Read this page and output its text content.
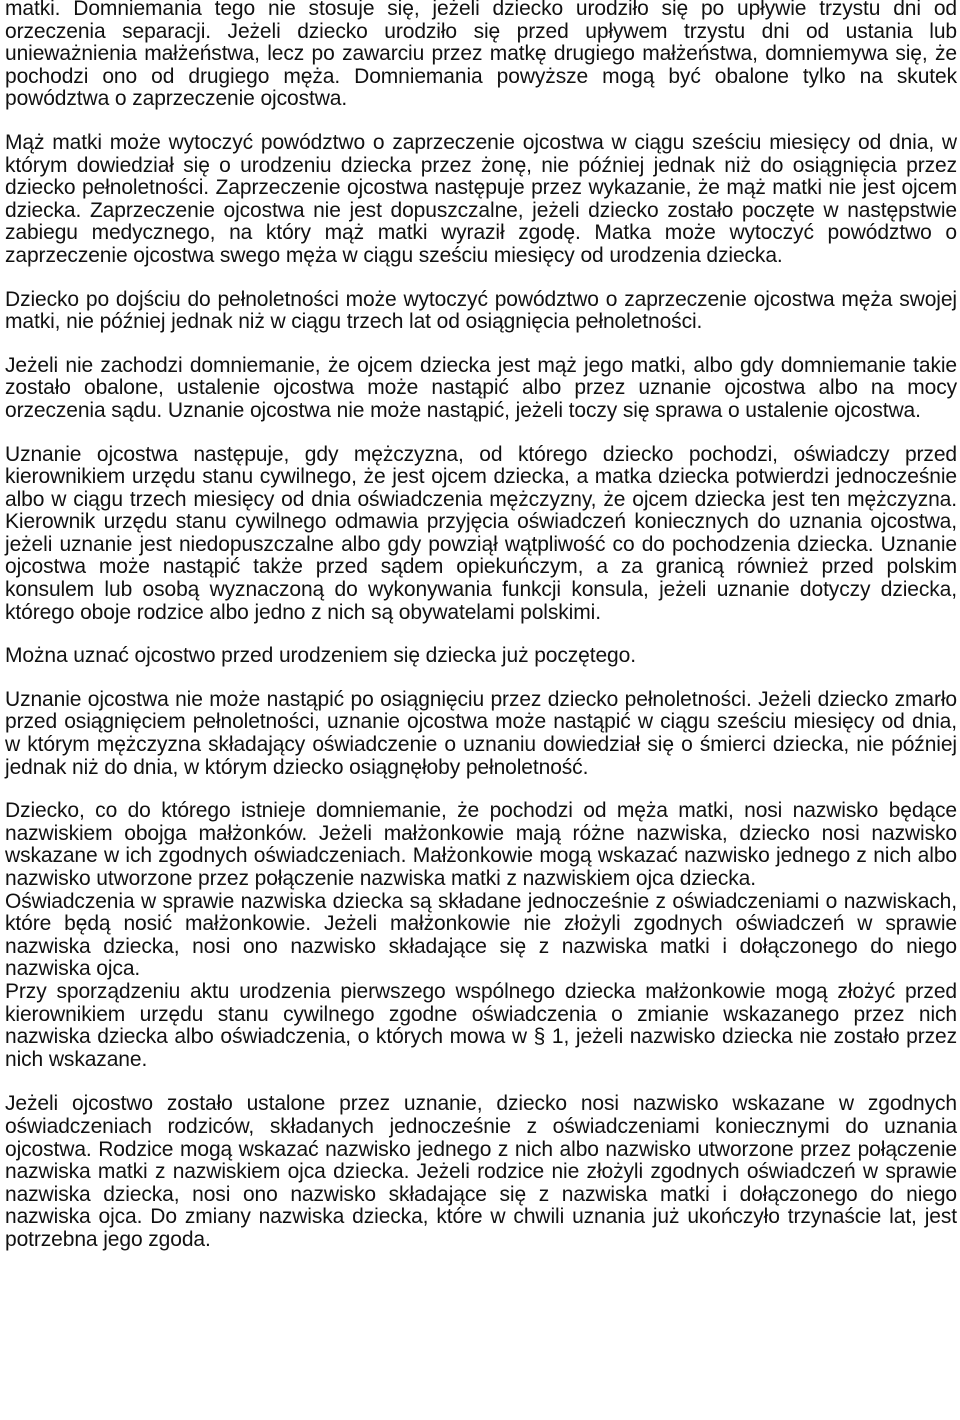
matki. Domniemania tego nie stosuje się, jeżeli dziecko urodziło się po upływie trzystu dni od orzeczenia separacji. Jeżeli dziecko urodziło się przed upływem trzystu dni od ustania lub unieważnienia małżeństwa, lecz po zawarciu przez matkę drugiego małżeństwa, domniemywa się, że pochodzi ono od drugiego męża. Domniemania powyższe mogą być obalone tylko na skutek powództwa o zaprzeczenie ojcostwa.

Mąż matki może wytoczyć powództwo o zaprzeczenie ojcostwa w ciągu sześciu miesięcy od dnia, w którym dowiedział się o urodzeniu dziecka przez żonę, nie później jednak niż do osiągnięcia przez dziecko pełnoletności. Zaprzeczenie ojcostwa następuje przez wykazanie, że mąż matki nie jest ojcem dziecka. Zaprzeczenie ojcostwa nie jest dopuszczalne, jeżeli dziecko zostało poczęte w następstwie zabiegu medycznego, na który mąż matki wyraził zgodę. Matka może wytoczyć powództwo o zaprzeczenie ojcostwa swego męża w ciągu sześciu miesięcy od urodzenia dziecka.

Dziecko po dojściu do pełnoletności może wytoczyć powództwo o zaprzeczenie ojcostwa męża swojej matki, nie później jednak niż w ciągu trzech lat od osiągnięcia pełnoletności.

Jeżeli nie zachodzi domniemanie, że ojcem dziecka jest mąż jego matki, albo gdy domniemanie takie zostało obalone, ustalenie ojcostwa może nastąpić albo przez uznanie ojcostwa albo na mocy orzeczenia sądu. Uznanie ojcostwa nie może nastąpić, jeżeli toczy się sprawa o ustalenie ojcostwa.

Uznanie ojcostwa następuje, gdy mężczyzna, od którego dziecko pochodzi, oświadczy przed kierownikiem urzędu stanu cywilnego, że jest ojcem dziecka, a matka dziecka potwierdzi jednocześnie albo w ciągu trzech miesięcy od dnia oświadczenia mężczyzny, że ojcem dziecka jest ten mężczyzna. Kierownik urzędu stanu cywilnego odmawia przyjęcia oświadczeń koniecznych do uznania ojcostwa, jeżeli uznanie jest niedopuszczalne albo gdy powziął wątpliwość co do pochodzenia dziecka. Uznanie ojcostwa może nastąpić także przed sądem opiekuńczym, a za granicą również przed polskim konsulem lub osobą wyznaczoną do wykonywania funkcji konsula, jeżeli uznanie dotyczy dziecka, którego oboje rodzice albo jedno z nich są obywatelami polskimi.

Można uznać ojcostwo przed urodzeniem się dziecka już poczętego.

Uznanie ojcostwa nie może nastąpić po osiągnięciu przez dziecko pełnoletności. Jeżeli dziecko zmarło przed osiągnięciem pełnoletności, uznanie ojcostwa może nastąpić w ciągu sześciu miesięcy od dnia, w którym mężczyzna składający oświadczenie o uznaniu dowiedział się o śmierci dziecka, nie później jednak niż do dnia, w którym dziecko osiągnęłoby pełnoletność.

Dziecko, co do którego istnieje domniemanie, że pochodzi od męża matki, nosi nazwisko będące nazwiskiem obojga małżonków. Jeżeli małżonkowie mają różne nazwiska, dziecko nosi nazwisko wskazane w ich zgodnych oświadczeniach. Małżonkowie mogą wskazać nazwisko jednego z nich albo nazwisko utworzone przez połączenie nazwiska matki z nazwiskiem ojca dziecka.

Oświadczenia w sprawie nazwiska dziecka są składane jednocześnie z oświadczeniami o nazwiskach, które będą nosić małżonkowie. Jeżeli małżonkowie nie złożyli zgodnych oświadczeń w sprawie nazwiska dziecka, nosi ono nazwisko składające się z nazwiska matki i dołączonego do niego nazwiska ojca.

Przy sporządzeniu aktu urodzenia pierwszego wspólnego dziecka małżonkowie mogą złożyć przed kierownikiem urzędu stanu cywilnego zgodne oświadczenia o zmianie wskazanego przez nich nazwiska dziecka albo oświadczenia, o których mowa w § 1, jeżeli nazwisko dziecka nie zostało przez nich wskazane.

Jeżeli ojcostwo zostało ustalone przez uznanie, dziecko nosi nazwisko wskazane w zgodnych oświadczeniach rodziców, składanych jednocześnie z oświadczeniami koniecznymi do uznania ojcostwa. Rodzice mogą wskazać nazwisko jednego z nich albo nazwisko utworzone przez połączenie nazwiska matki z nazwiskiem ojca dziecka. Jeżeli rodzice nie złożyli zgodnych oświadczeń w sprawie nazwiska dziecka, nosi ono nazwisko składające się z nazwiska matki i dołączonego do niego nazwiska ojca. Do zmiany nazwiska dziecka, które w chwili uznania już ukończyło trzynaście lat, jest potrzebna jego zgoda.
